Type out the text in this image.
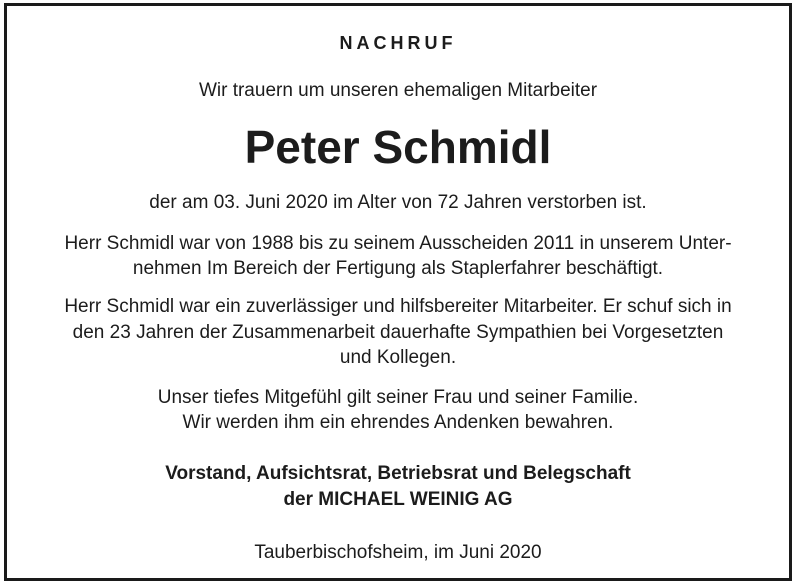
NACHRUF
Wir trauern um unseren ehemaligen Mitarbeiter
Peter Schmidl
der am 03. Juni 2020 im Alter von 72 Jahren verstorben ist.
Herr Schmidl war von 1988 bis zu seinem Ausscheiden 2011 in unserem Unter-
nehmen Im Bereich der Fertigung als Staplerfahrer beschäftigt.
Herr Schmidl war ein zuverlässiger und hilfsbereiter Mitarbeiter. Er schuf sich in
den 23 Jahren der Zusammenarbeit dauerhafte Sympathien bei Vorgesetzten
und Kollegen.
Unser tiefes Mitgefühl gilt seiner Frau und seiner Familie.
Wir werden ihm ein ehrendes Andenken bewahren.
Vorstand, Aufsichtsrat, Betriebsrat und Belegschaft
der MICHAEL WEINIG AG
Tauberbischofsheim, im Juni 2020
